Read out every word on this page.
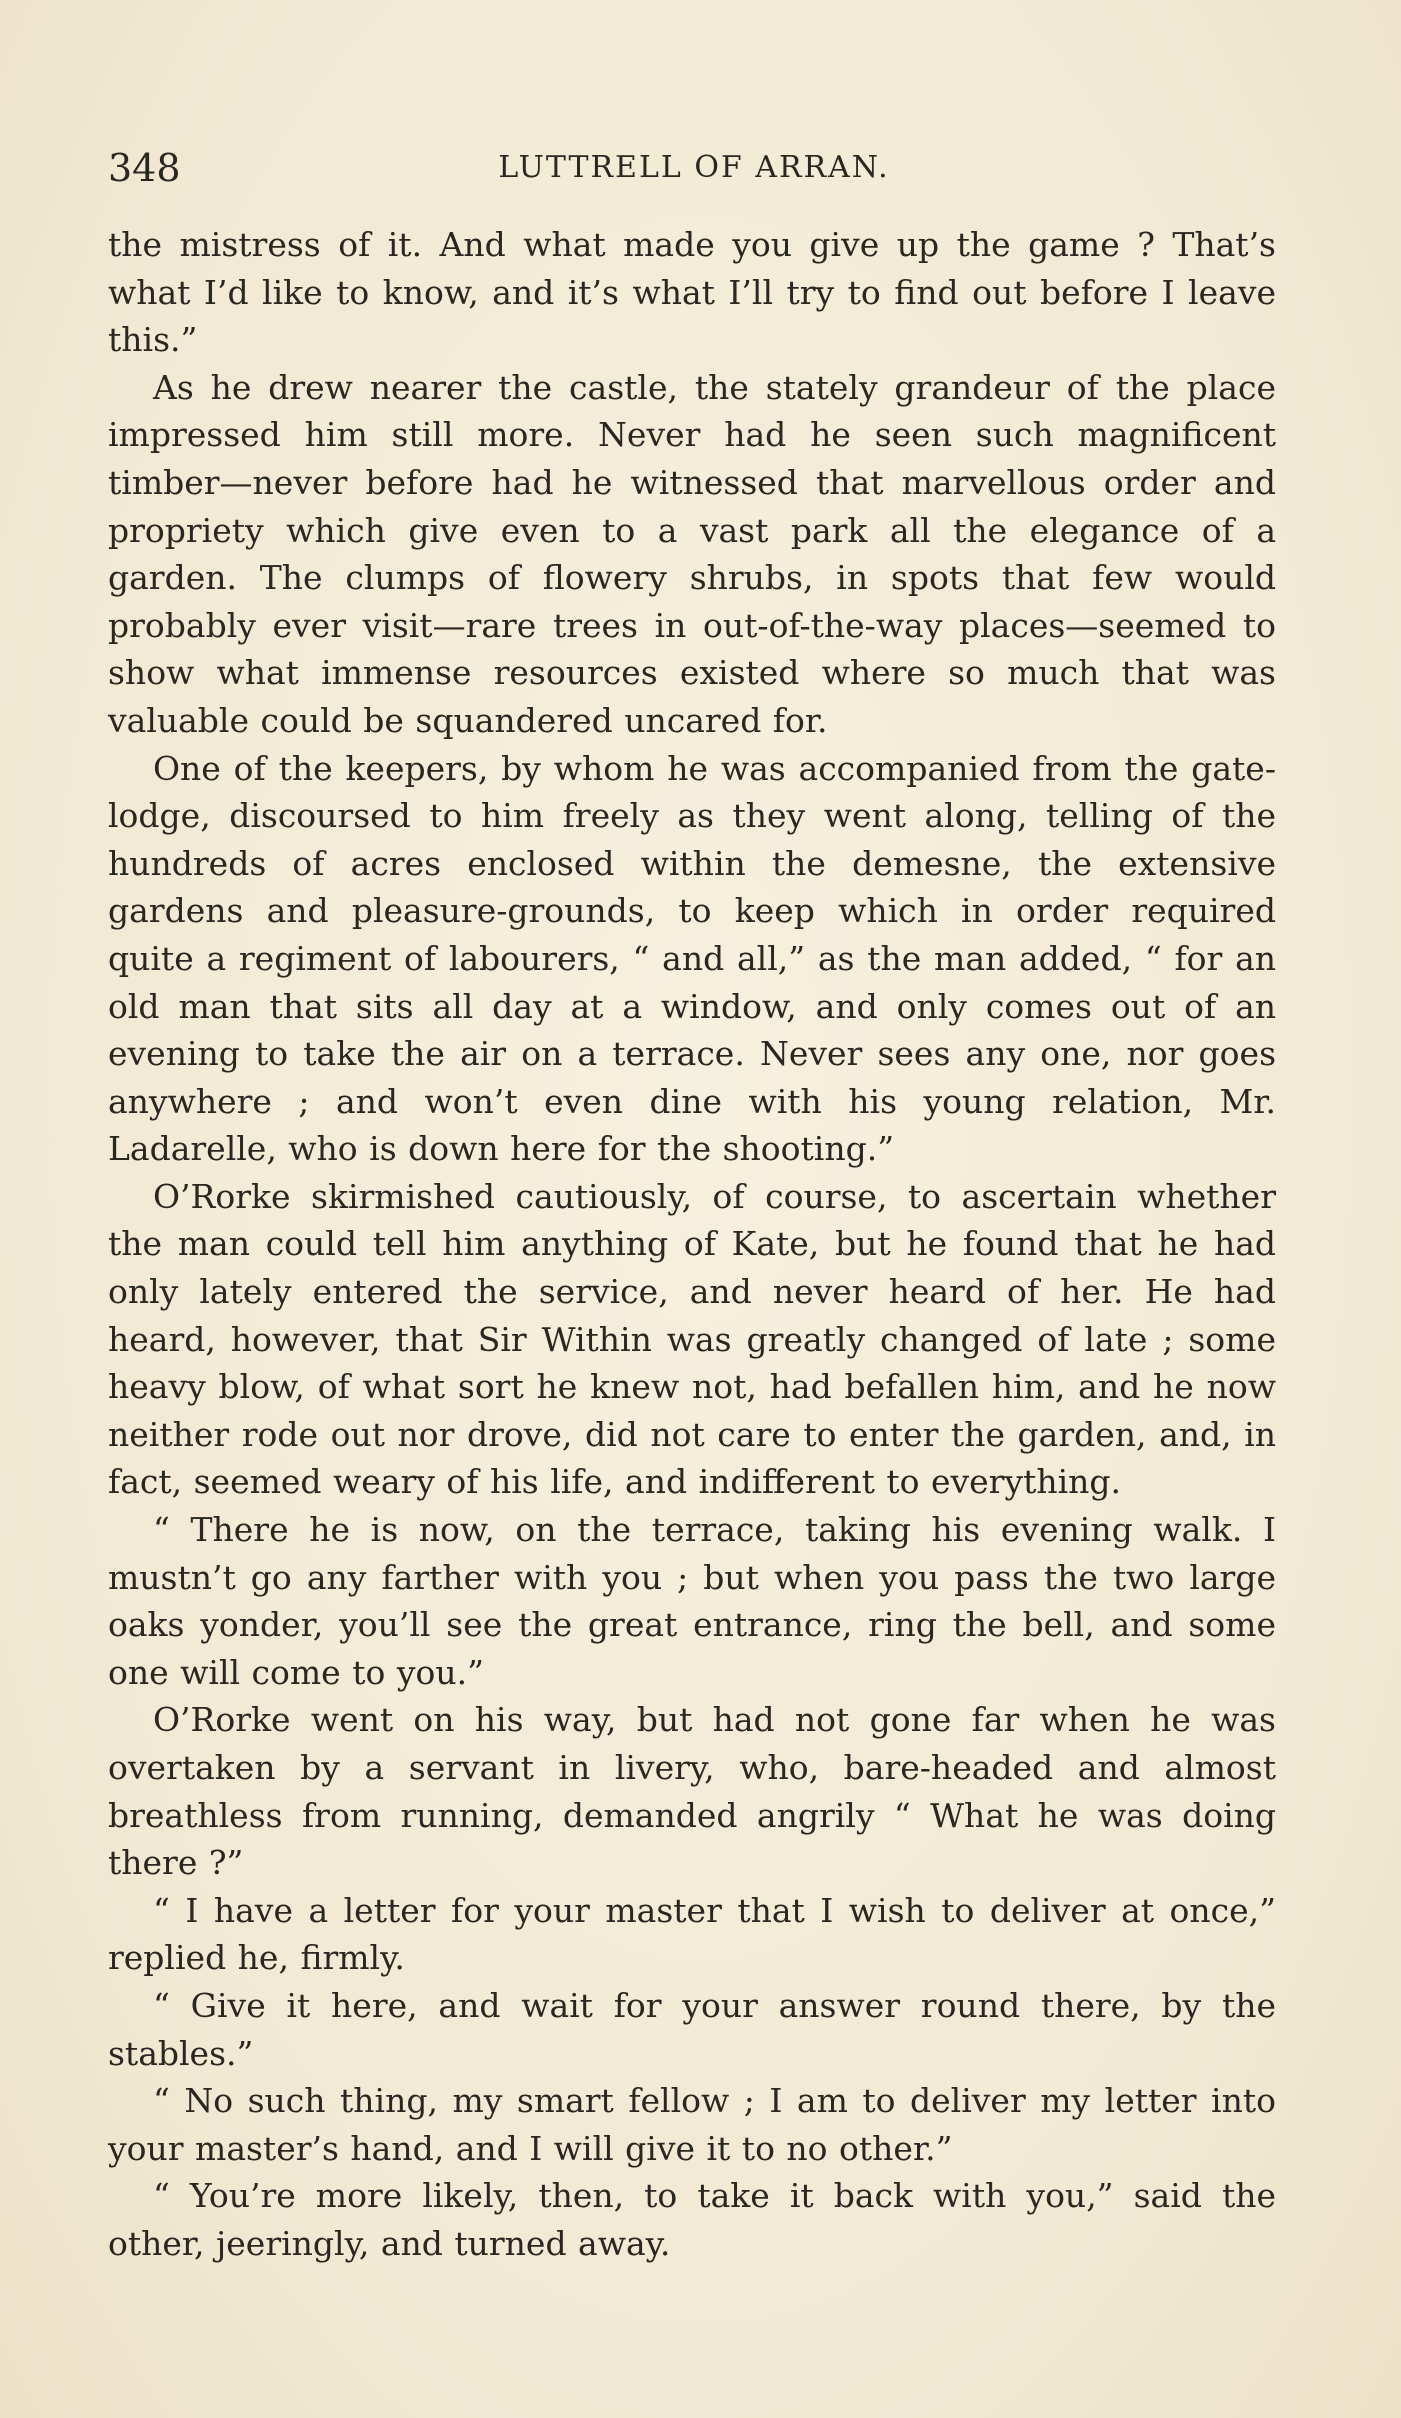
348	LUTTRELL OF ARRAN.

the mistress of it. And what made you give up the game ? That’s what I’d like to know, and it’s what I’ll try to find out before I leave this.”

As he drew nearer the castle, the stately grandeur of the place impressed him still more. Never had he seen such magnificent timber—never before had he witnessed that marvellous order and propriety which give even to a vast park all the elegance of a garden. The clumps of flowery shrubs, in spots that few would probably ever visit—rare trees in out-of-the-way places—seemed to show what immense resources existed where so much that was valuable could be squandered uncared for.

One of the keepers, by whom he was accompanied from the gate-lodge, discoursed to him freely as they went along, telling of the hundreds of acres enclosed within the demesne, the extensive gardens and pleasure-grounds, to keep which in order required quite a regiment of labourers, “ and all,” as the man added, “ for an old man that sits all day at a window, and only comes out of an evening to take the air on a terrace. Never sees any one, nor goes anywhere ; and won’t even dine with his young relation, Mr. Ladarelle, who is down here for the shooting.”

O’Rorke skirmished cautiously, of course, to ascertain whether the man could tell him anything of Kate, but he found that he had only lately entered the service, and never heard of her. He had heard, however, that Sir Within was greatly changed of late ; some heavy blow, of what sort he knew not, had befallen him, and he now neither rode out nor drove, did not care to enter the garden, and, in fact, seemed weary of his life, and indifferent to everything.

“ There he is now, on the terrace, taking his evening walk. I mustn’t go any farther with you ; but when you pass the two large oaks yonder, you’ll see the great entrance, ring the bell, and some one will come to you.”

O’Rorke went on his way, but had not gone far when he was overtaken by a servant in livery, who, bare-headed and almost breathless from running, demanded angrily “ What he was doing there ?”

“ I have a letter for your master that I wish to deliver at once,” replied he, firmly.

“ Give it here, and wait for your answer round there, by the stables.”

“ No such thing, my smart fellow ; I am to deliver my letter into your master’s hand, and I will give it to no other.”

“ You’re more likely, then, to take it back with you,” said the other, jeeringly, and turned away.
